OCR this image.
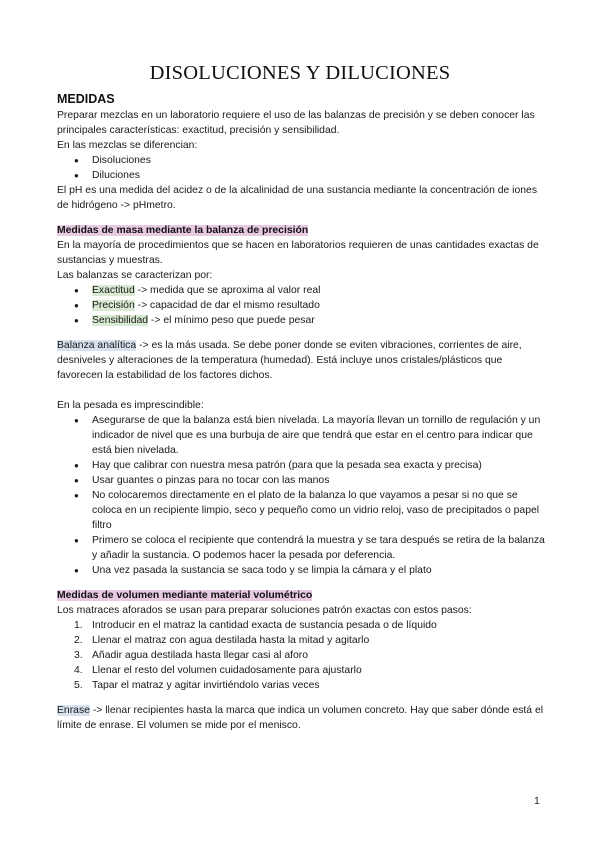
DISOLUCIONES Y DILUCIONES
MEDIDAS

Preparar mezclas en un laboratorio requiere el uso de las balanzas de precisión y se deben conocer las principales características: exactitud, precisión y sensibilidad.

En las mezclas se diferencian:

● Disoluciones
● Diluciones

El pH es una medida del acidez o de la alcalinidad de una sustancia mediante la concentración de iones de hidrógeno -> pHmetro.

Medidas de masa mediante la balanza de precisión

En la mayoría de procedimientos que se hacen en laboratorios requieren de unas cantidades exactas de sustancias y muestras.

Las balanzas se caracterizan por:

● Exactitud -> medida que se aproxima al valor real
● Precisión -> capacidad de dar el mismo resultado
● Sensibilidad -> el mínimo peso que puede pesar

Balanza analítica -> es la más usada. Se debe poner donde se eviten vibraciones, corrientes de aire, desniveles y alteraciones de la temperatura (humedad). Está incluye unos cristales/plásticos que favorecen la estabilidad de los factores dichos.

En la pesada es imprescindible:

● Asegurarse de que la balanza está bien nivelada. La mayoría llevan un tornillo de regulación y un indicador de nivel que es una burbuja de aire que tendrá que estar en el centro para indicar que está bien nivelada.
● Hay que calibrar con nuestra mesa patrón (para que la pesada sea exacta y precisa)
● Usar guantes o pinzas para no tocar con las manos
● No colocaremos directamente en el plato de la balanza lo que vayamos a pesar si no que se coloca en un recipiente limpio, seco y pequeño como un vidrio reloj, vaso de precipitados o papel filtro
● Primero se coloca el recipiente que contendrá la muestra y se tara después se retira de la balanza y añadir la sustancia. O podemos hacer la pesada por deferencia.
● Una vez pasada la sustancia se saca todo y se limpia la cámara y el plato
Medidas de volumen mediante material volumétrico

Los matraces aforados se usan para preparar soluciones patrón exactas con estos pasos:

1. Introducir en el matraz la cantidad exacta de sustancia pesada o de líquido
2. Llenar el matraz con agua destilada hasta la mitad y agitarlo
3. Añadir agua destilada hasta llegar casi al aforo
4. Llenar el resto del volumen cuidadosamente para ajustarlo
5. Tapar el matraz y agitar invirtiéndolo varias veces

Enrase -> llenar recipientes hasta la marca que indica un volumen concreto. Hay que saber dónde está el límite de enrase. El volumen se mide por el menisco.

1
